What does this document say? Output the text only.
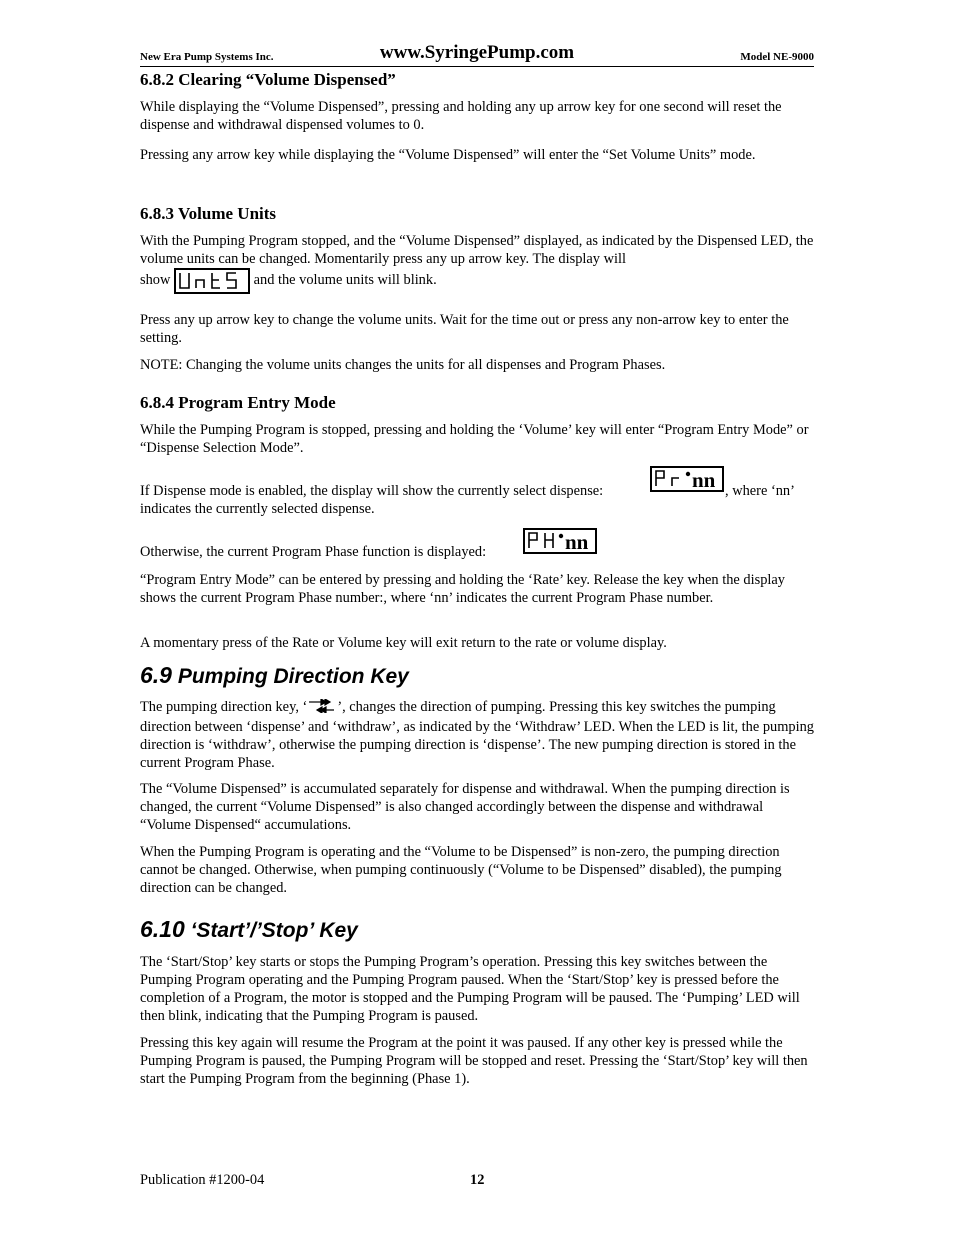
New Era Pump Systems Inc.	www.SyringePump.com	Model NE-9000
6.8.2 Clearing “Volume Dispensed”

While displaying the “Volume Dispensed”, pressing and holding any up arrow key for one second will reset the dispense and withdrawal dispensed volumes to 0.

Pressing any arrow key while displaying the “Volume Dispensed” will enter the “Set Volume Units” mode.

6.8.3 Volume Units

With the Pumping Program stopped, and the “Volume Dispensed” displayed, as indicated by the Dispensed LED, the volume units can be changed. Momentarily press any up arrow key. The display will

show	and the volume units will blink.

Press any up arrow key to change the volume units. Wait for the time out or press any non-arrow key to enter the setting.

NOTE: Changing the volume units changes the units for all dispenses and Program Phases.

6.8.4 Program Entry Mode

While the Pumping Program is stopped, pressing and holding the ‘Volume’ key will enter “Program Entry Mode” or “Dispense Selection Mode”.

If Dispense mode is enabled, the display will show the currently select dispense:	nn , where ‘nn’

indicates the currently selected dispense.

Otherwise, the current Program Phase function is displayed:	nn

“Program Entry Mode” can be entered by pressing and holding the ‘Rate’ key. Release the key when the display shows the current Program Phase number:, where ‘nn’ indicates the current Program Phase number.

A momentary press of the Rate or Volume key will exit return to the rate or volume display.

6.9 Pumping Direction Key

The pumping direction key, ‘ ’, changes the direction of pumping. Pressing this key switches the pumping direction between ‘dispense’ and ‘withdraw’, as indicated by the ‘Withdraw’ LED. When the LED is lit, the pumping direction is ‘withdraw’, otherwise the pumping direction is ‘dispense’. The new pumping direction is stored in the current Program Phase.

The “Volume Dispensed” is accumulated separately for dispense and withdrawal. When the pumping direction is changed, the current “Volume Dispensed” is also changed accordingly between the dispense and withdrawal “Volume Dispensed“ accumulations.

When the Pumping Program is operating and the “Volume to be Dispensed” is non-zero, the pumping direction cannot be changed. Otherwise, when pumping continuously (“Volume to be Dispensed” disabled), the pumping direction can be changed.

6.10 ‘Start’/’Stop’ Key

The ‘Start/Stop’ key starts or stops the Pumping Program’s operation. Pressing this key switches between the Pumping Program operating and the Pumping Program paused. When the ‘Start/Stop’ key is pressed before the completion of a Program, the motor is stopped and the Pumping Program will be paused. The ‘Pumping’ LED will then blink, indicating that the Pumping Program is paused.

Pressing this key again will resume the Program at the point it was paused. If any other key is pressed while the Pumping Program is paused, the Pumping Program will be stopped and reset. Pressing the ‘Start/Stop’ key will then start the Pumping Program from the beginning (Phase 1).

Publication #1200-04	12
